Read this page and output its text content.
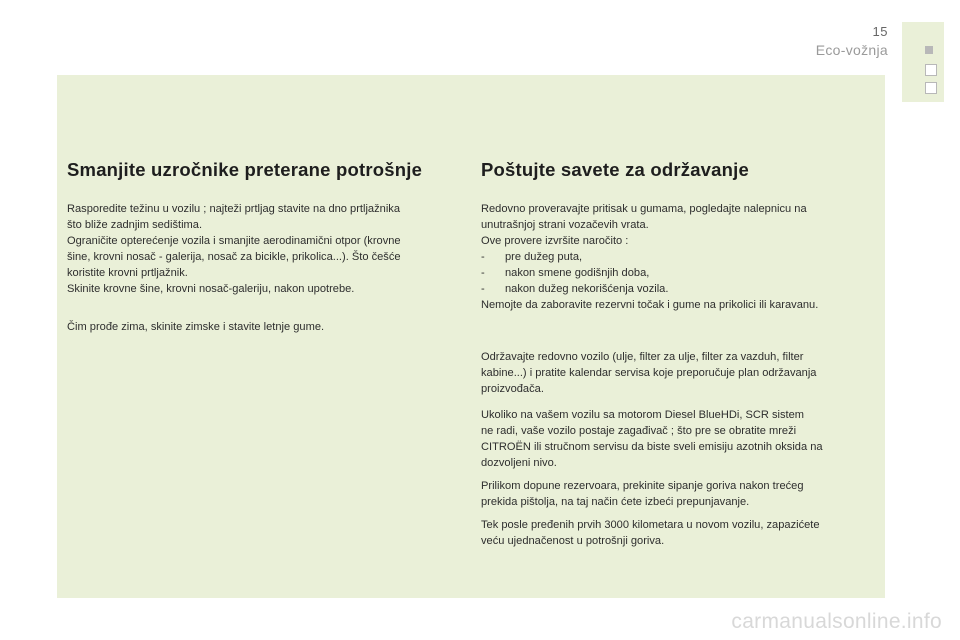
15
Eco-vožnja
Smanjite uzročnike preterane potrošnje

Rasporedite težinu u vozilu ; najteži prtljag stavite na dno prtljažnika

što bliže zadnjim sedištima.

Ograničite opterećenje vozila i smanjite aerodinamični otpor (krovne

šine, krovni nosač - galerija, nosač za bicikle, prikolica...). Što češće

koristite krovni prtljažnik.

Skinite krovne šine, krovni nosač-galeriju, nakon upotrebe.

Čim prođe zima, skinite zimske i stavite letnje gume.

Poštujte savete za održavanje

Redovno proveravajte pritisak u gumama, pogledajte nalepnicu na

unutrašnjoj strani vozačevih vrata.

Ove provere izvršite naročito :

-	pre dužeg puta,
-	nakon smene godišnjih doba,
-	nakon dužeg nekorišćenja vozila.

Nemojte da zaboravite rezervni točak i gume na prikolici ili karavanu.

Održavajte redovno vozilo (ulje, filter za ulje, filter za vazduh, filter

kabine...) i pratite kalendar servisa koje preporučuje plan održavanja

proizvođača.

Ukoliko na vašem vozilu sa motorom Diesel BlueHDi, SCR sistem

ne radi, vaše vozilo postaje zagađivač ; što pre se obratite mreži

CITROËN ili stručnom servisu da biste sveli emisiju azotnih oksida na

dozvoljeni nivo.

Prilikom dopune rezervoara, prekinite sipanje goriva nakon trećeg

prekida pištolja, na taj način ćete izbeći prepunjavanje.

Tek posle pređenih prvih 3000 kilometara u novom vozilu, zapazićete

veću ujednačenost u potrošnji goriva.

carmanualsonline.info
